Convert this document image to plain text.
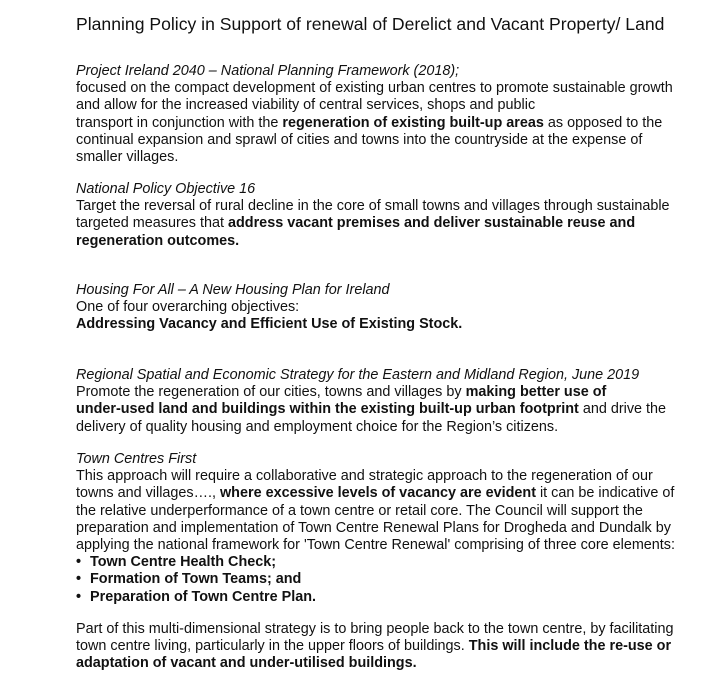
Planning Policy in Support of renewal of Derelict and Vacant Property/ Land
Project Ireland 2040 – National Planning Framework (2018);
focused on the compact development of existing urban centres to promote sustainable growth
and allow for the increased viability of central services, shops and public
transport in conjunction with the regeneration of existing built-up areas as opposed to the
continual expansion and sprawl of cities and towns into the countryside at the expense of
smaller villages.
National Policy Objective 16
Target the reversal of rural decline in the core of small towns and villages through sustainable
targeted measures that address vacant premises and deliver sustainable reuse and
regeneration outcomes.
Housing For All – A New Housing Plan for Ireland
One of four overarching objectives:
Addressing Vacancy and Efficient Use of Existing Stock.
Regional Spatial and Economic Strategy for the Eastern and Midland Region, June 2019
Promote the regeneration of our cities, towns and villages by making better use of
under-used land and buildings within the existing built-up urban footprint and drive the
delivery of quality housing and employment choice for the Region’s citizens.
Town Centres First
This approach will require a collaborative and strategic approach to the regeneration of our
towns and villages…., where excessive levels of vacancy are evident it can be indicative of
the relative underperformance of a town centre or retail core. The Council will support the
preparation and implementation of Town Centre Renewal Plans for Drogheda and Dundalk by
applying the national framework for 'Town Centre Renewal' comprising of three core elements:
• Town Centre Health Check;
• Formation of Town Teams; and
• Preparation of Town Centre Plan.
Part of this multi-dimensional strategy is to bring people back to the town centre, by facilitating
town centre living, particularly in the upper floors of buildings. This will include the re-use or
adaptation of vacant and under-utilised buildings.
